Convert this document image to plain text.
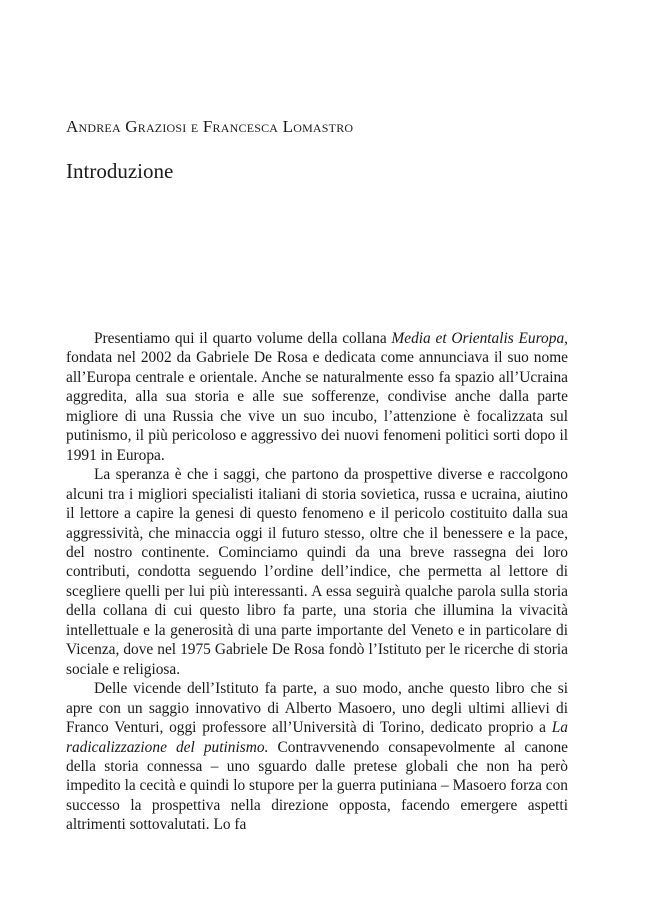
Andrea Graziosi e Francesca Lomastro
Introduzione

Presentiamo qui il quarto volume della collana Media et Orientalis Europa, fondata nel 2002 da Gabriele De Rosa e dedicata come annunciava il suo nome all’Europa centrale e orientale. Anche se naturalmente esso fa spazio all’Ucraina aggredita, alla sua storia e alle sue sofferenze, condivise anche dalla parte migliore di una Russia che vive un suo incubo, l’attenzione è focalizzata sul putinismo, il più pericoloso e aggressivo dei nuovi fenomeni politici sorti dopo il 1991 in Europa.

La speranza è che i saggi, che partono da prospettive diverse e raccolgono alcuni tra i migliori specialisti italiani di storia sovietica, russa e ucraina, aiutino il lettore a capire la genesi di questo fenomeno e il pericolo costituito dalla sua aggressività, che minaccia oggi il futuro stesso, oltre che il benessere e la pace, del nostro continente. Cominciamo quindi da una breve rassegna dei loro contributi, condotta seguendo l’ordine dell’indice, che permetta al lettore di scegliere quelli per lui più interessanti. A essa seguirà qualche parola sulla storia della collana di cui questo libro fa parte, una storia che illumina la vivacità intellettuale e la generosità di una parte importante del Veneto e in particolare di Vicenza, dove nel 1975 Gabriele De Rosa fondò l’Istituto per le ricerche di storia sociale e religiosa.

Delle vicende dell’Istituto fa parte, a suo modo, anche questo libro che si apre con un saggio innovativo di Alberto Masoero, uno degli ultimi allievi di Franco Venturi, oggi professore all’Università di Torino, dedicato proprio a La radicalizzazione del putinismo. Contravvenendo consapevolmente al canone della storia connessa – uno sguardo dalle pretese globali che non ha però impedito la cecità e quindi lo stupore per la guerra putiniana – Masoero forza con successo la prospettiva nella direzione opposta, facendo emergere aspetti altrimenti sottovalutati. Lo fa
